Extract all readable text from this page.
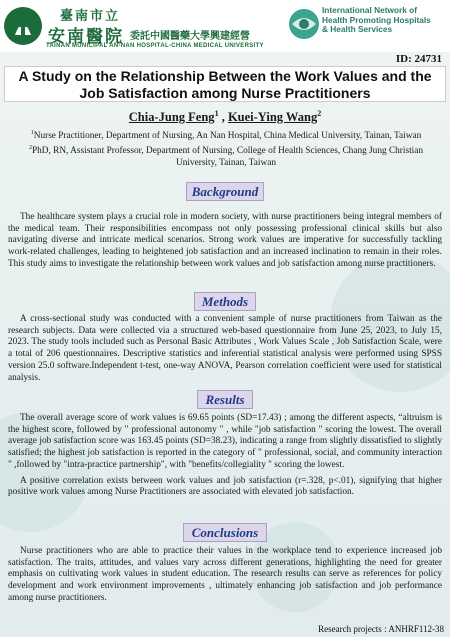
臺南市立
安南醫院 委託中國醫藥大學興建經營
TAINAN MUNICIPAL AN-NAN HOSPITAL-CHINA MEDICAL UNIVERSITY
International Network of
Health Promoting Hospitals
& Health Services
ID: 24731
A Study on the Relationship Between the Work Values and the
Job Satisfaction among Nurse Practitioners
Chia-Jung Feng$^1$ , Kuei-Ying Wang$^2$
$^1$Nurse Practitioner, Department of Nursing, An Nan Hospital, China Medical University, Tainan, Taiwan
$^2$PhD, RN, Assistant Professor, Department of Nursing, College of Health Sciences, Chang Jung Christian University, Tainan, Taiwan
Background

The healthcare system plays a crucial role in modern society, with nurse practitioners being integral members of the medical team. Their responsibilities encompass not only possessing professional clinical skills but also navigating diverse and intricate medical scenarios. Strong work values are imperative for successfully tackling work-related challenges, leading to heightened job satisfaction and an increased inclination to remain in their roles. This study aims to investigate the relationship between work values and job satisfaction among nurse practitioners.

Methods

A cross-sectional study was conducted with a convenient sample of nurse practitioners from Taiwan as the research subjects. Data were collected via a structured web-based questionnaire from June 25, 2023, to July 15, 2023. The study tools included such as Personal Basic Attributes , Work Values Scale , Job Satisfaction Scale, were a total of 206 questionnaires. Descriptive statistics and inferential statistical analysis were performed using SPSS version 25.0 software.Independent t-test, one-way ANOVA, Pearson correlation coefficient were used for statistical analysis.

Results

The overall average score of work values is 69.65 points (SD=17.43) ; among the different aspects, “altruism is the highest score, followed by " professional autonomy " , while "job satisfaction " scoring the lowest. The overall average job satisfaction score was 163.45 points (SD=38.23), indicating a range from slightly dissatisfied to slightly satisfied; the highest job satisfaction is reported in the category of " professional, social, and community interaction " ,followed by "intra-practice partnership", with "benefits/collegiality " scoring the lowest.

A positive correlation exists between work values and job satisfaction (r=.328, p<.01), signifying that higher positive work values among Nurse Practitioners are associated with elevated job satisfaction.

Conclusions

Nurse practitioners who are able to practice their values in the workplace tend to experience increased job satisfaction. The traits, attitudes, and values vary across different generations, highlighting the need for greater emphasis on cultivating work values in student education. The research results can serve as references for policy development and work environment improvements , ultimately enhancing job satisfaction and job performance among nurse practitioners.

Research projects : ANHRF112-38
